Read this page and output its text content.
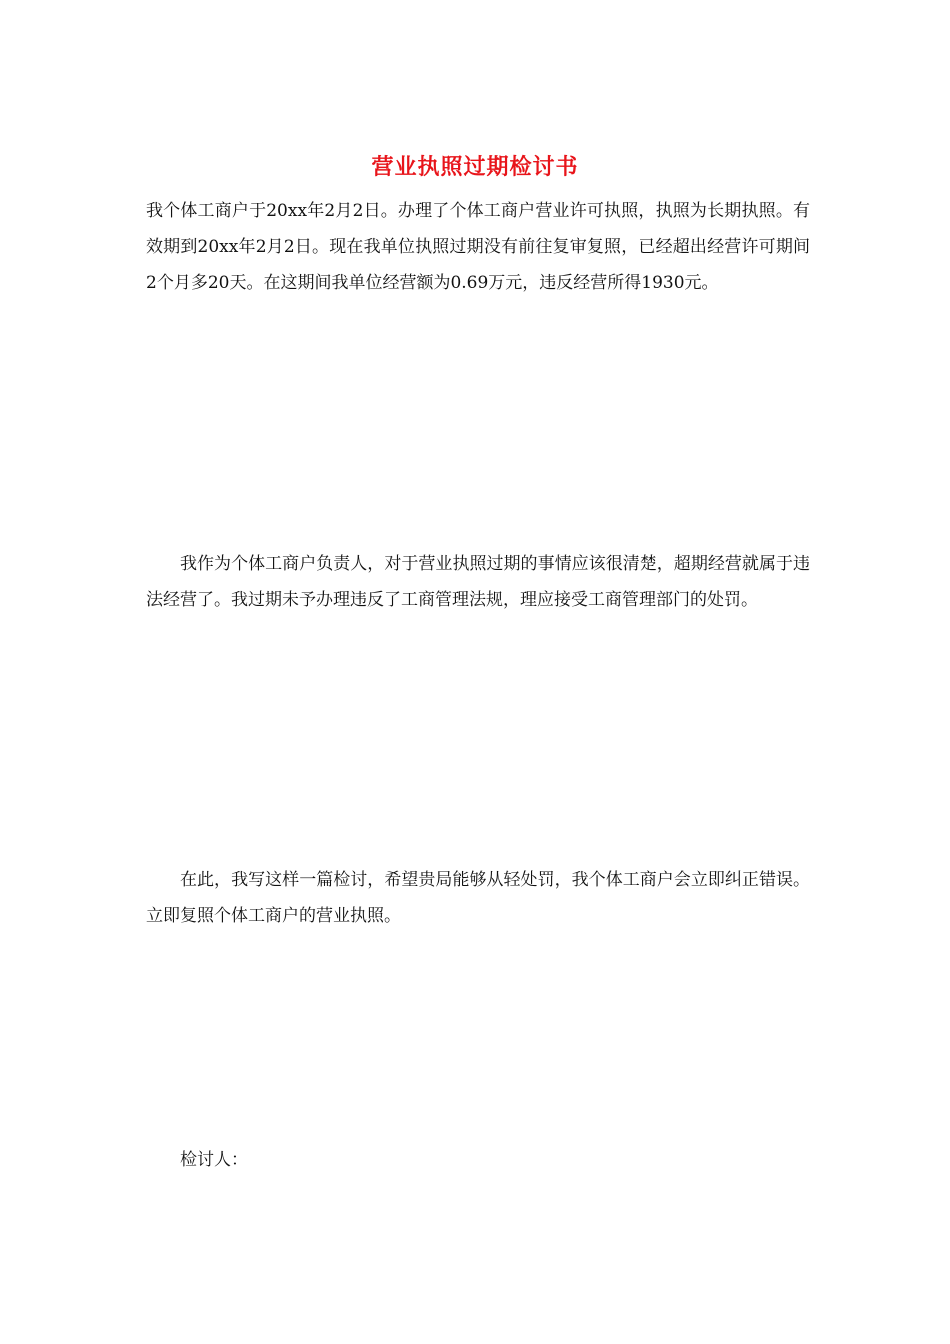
营业执照过期检讨书

我个体工商户于20xx年2月2日。办理了个体工商户营业许可执照，执照为长期执照。有效期到20xx年2月2日。现在我单位执照过期没有前往复审复照，已经超出经营许可期间2个月多20天。在这期间我单位经营额为0.69万元，违反经营所得1930元。

我作为个体工商户负责人，对于营业执照过期的事情应该很清楚，超期经营就属于违法经营了。我过期未予办理违反了工商管理法规，理应接受工商管理部门的处罚。

在此，我写这样一篇检讨，希望贵局能够从轻处罚，我个体工商户会立即纠正错误。立即复照个体工商户的营业执照。

检讨人：
